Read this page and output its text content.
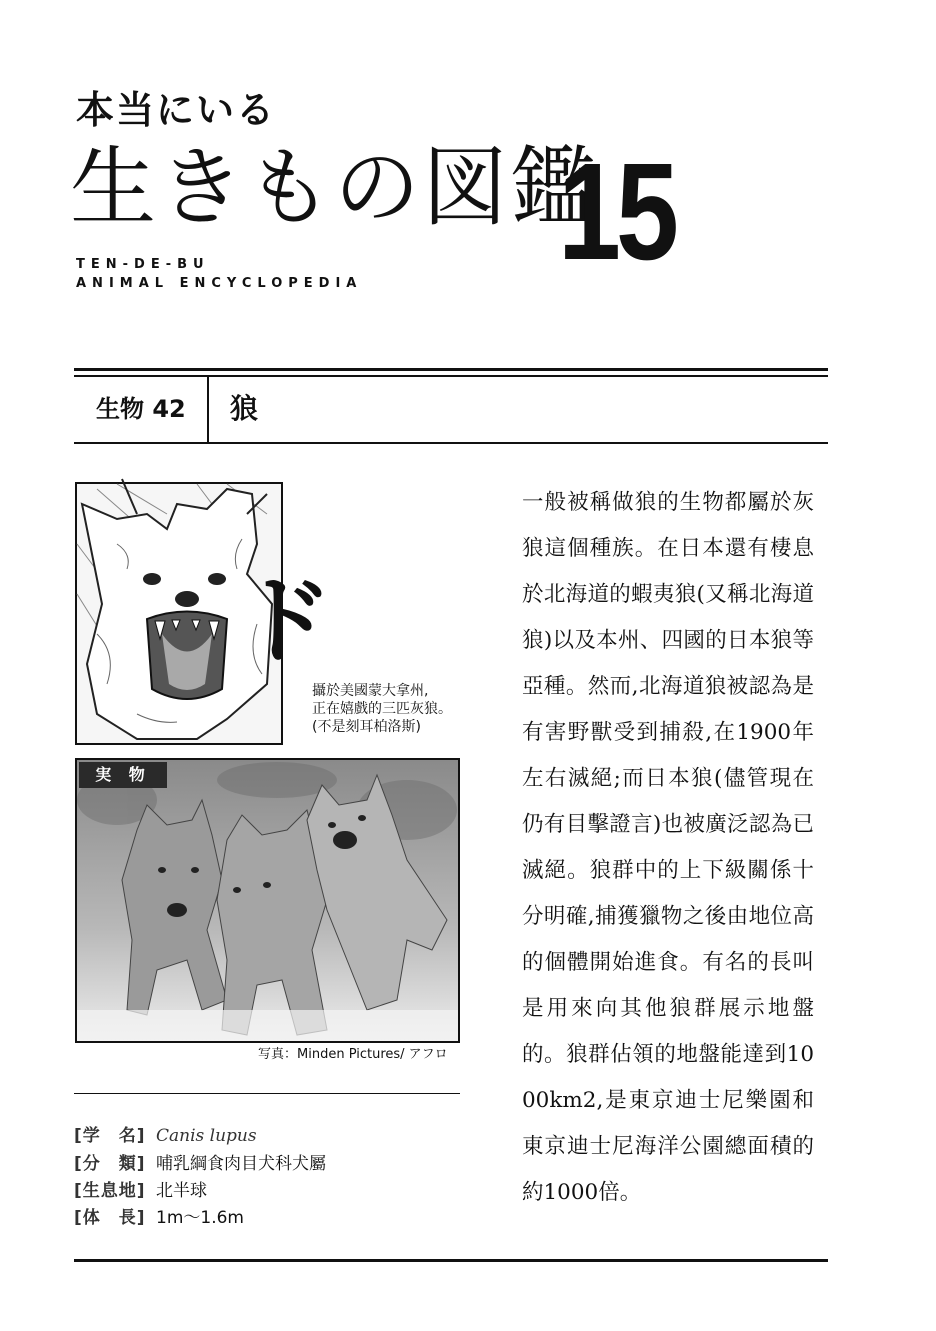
本当にいる
生きもの図鑑
15
TEN-DE-BU
ANIMAL ENCYCLOPEDIA
生物 42 狼
ド
攝於美國蒙大拿州,
正在嬉戲的三匹灰狼。
(不是刻耳柏洛斯)
実 物
写真：Minden Pictures/ アフロ
[学　名] Canis lupus
[分　類] 哺乳綱食肉目犬科犬屬
[生息地] 北半球
[体　長] 1m〜1.6m
一般被稱做狼的生物都屬於灰狼這個種族。在日本還有棲息於北海道的蝦夷狼(又稱北海道狼)以及本州、四國的日本狼等亞種。然而,北海道狼被認為是有害野獸受到捕殺,在1900年左右滅絕;而日本狼(儘管現在仍有目擊證言)也被廣泛認為已滅絕。狼群中的上下級關係十分明確,捕獲獵物之後由地位高的個體開始進食。有名的長叫是用來向其他狼群展示地盤的。狼群佔領的地盤能達到1000km2,是東京迪士尼樂園和東京迪士尼海洋公園總面積的約1000倍。
